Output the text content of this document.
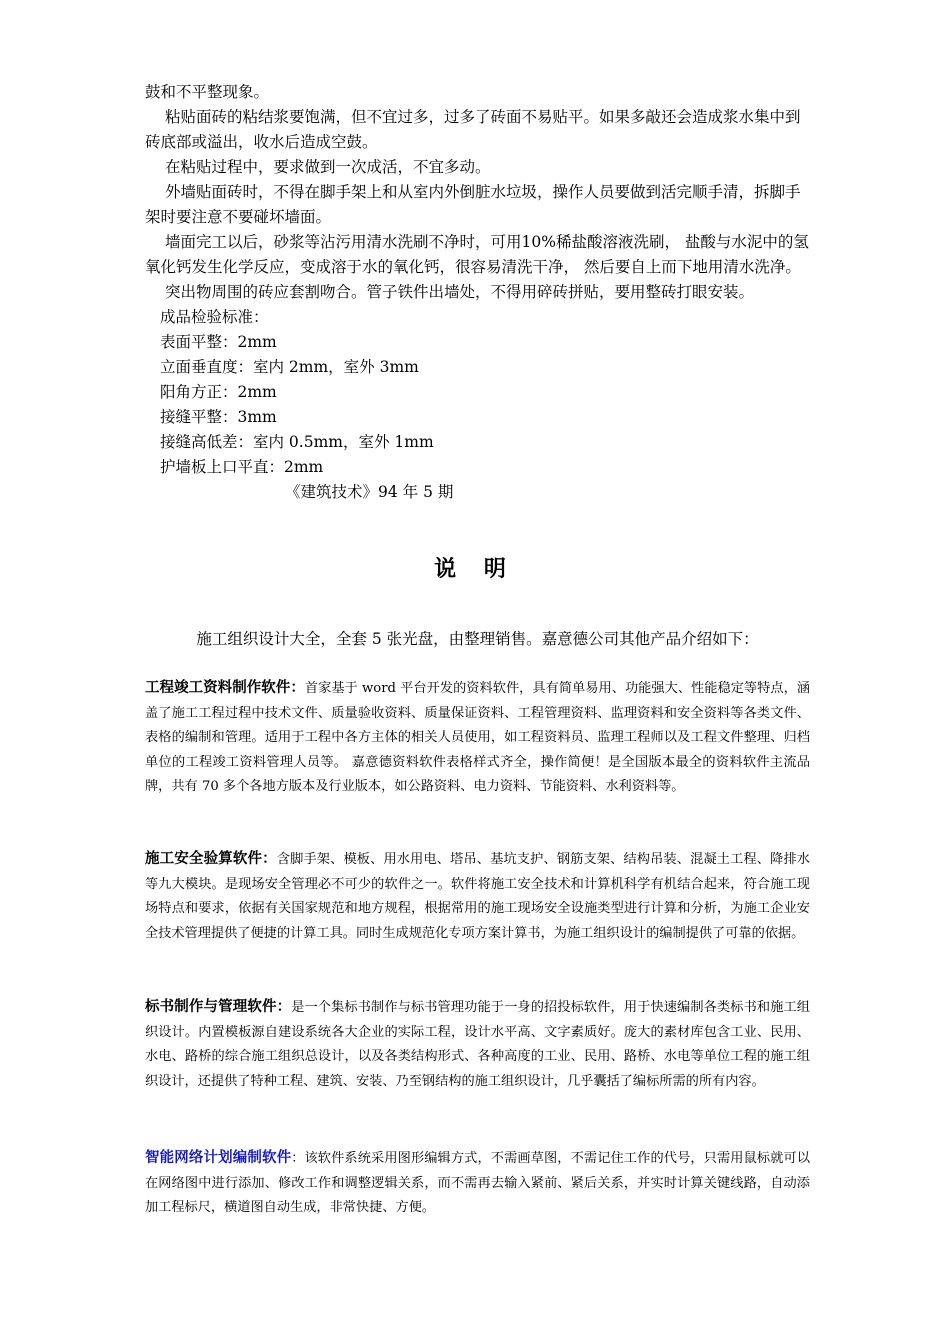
鼓和不平整现象。

粘贴面砖的粘结浆要饱满，但不宜过多，过多了砖面不易贴平。如果多敲还会造成浆水集中到砖底部或溢出，收水后造成空鼓。

在粘贴过程中，要求做到一次成活，不宜多动。

外墙贴面砖时，不得在脚手架上和从室内外倒脏水垃圾，操作人员要做到活完顺手清，拆脚手架时要注意不要碰坏墙面。

墙面完工以后，砂浆等沾污用清水洗刷不净时，可用10%稀盐酸溶液洗刷， 盐酸与水泥中的氢氧化钙发生化学反应，变成溶于水的氧化钙，很容易清洗干净， 然后要自上而下地用清水洗净。

突出物周围的砖应套割吻合。管子铁件出墙处，不得用碎砖拼贴，要用整砖打眼安装。

成品检验标准：

表面平整：2mm

立面垂直度：室内 2mm，室外 3mm

阳角方正：2mm

接缝平整：3mm

接缝高低差：室内 0.5mm，室外 1mm

护墙板上口平直：2mm

《建筑技术》94 年 5 期

说 明
施工组织设计大全，全套 5 张光盘，由整理销售。嘉意德公司其他产品介绍如下：
工程竣工资料制作软件：首家基于 word 平台开发的资料软件，具有简单易用、功能强大、性能稳定等特点，涵盖了施工工程过程中技术文件、质量验收资料、质量保证资料、工程管理资料、监理资料和安全资料等各类文件、表格的编制和管理。适用于工程中各方主体的相关人员使用，如工程资料员、监理工程师以及工程文件整理、归档单位的工程竣工资料管理人员等。 嘉意德资料软件表格样式齐全，操作简便！是全国版本最全的资料软件主流品牌，共有 70 多个各地方版本及行业版本，如公路资料、电力资料、节能资料、水利资料等。
施工安全验算软件：含脚手架、模板、用水用电、塔吊、基坑支护、钢筋支架、结构吊装、混凝土工程、降排水等九大模块。是现场安全管理必不可少的软件之一。软件将施工安全技术和计算机科学有机结合起来，符合施工现场特点和要求，依据有关国家规范和地方规程，根据常用的施工现场安全设施类型进行计算和分析，为施工企业安全技术管理提供了便捷的计算工具。同时生成规范化专项方案计算书，为施工组织设计的编制提供了可靠的依据。
标书制作与管理软件：是一个集标书制作与标书管理功能于一身的招投标软件，用于快速编制各类标书和施工组织设计。内置模板源自建设系统各大企业的实际工程，设计水平高、文字素质好。庞大的素材库包含工业、民用、水电、路桥的综合施工组织总设计，以及各类结构形式、各种高度的工业、民用、路桥、水电等单位工程的施工组织设计，还提供了特种工程、建筑、安装、乃至钢结构的施工组织设计，几乎囊括了编标所需的所有内容。
智能网络计划编制软件：该软件系统采用图形编辑方式，不需画草图，不需记住工作的代号，只需用鼠标就可以在网络图中进行添加、修改工作和调整逻辑关系，而不需再去输入紧前、紧后关系，并实时计算关键线路，自动添加工程标尺，横道图自动生成，非常快捷、方便。
